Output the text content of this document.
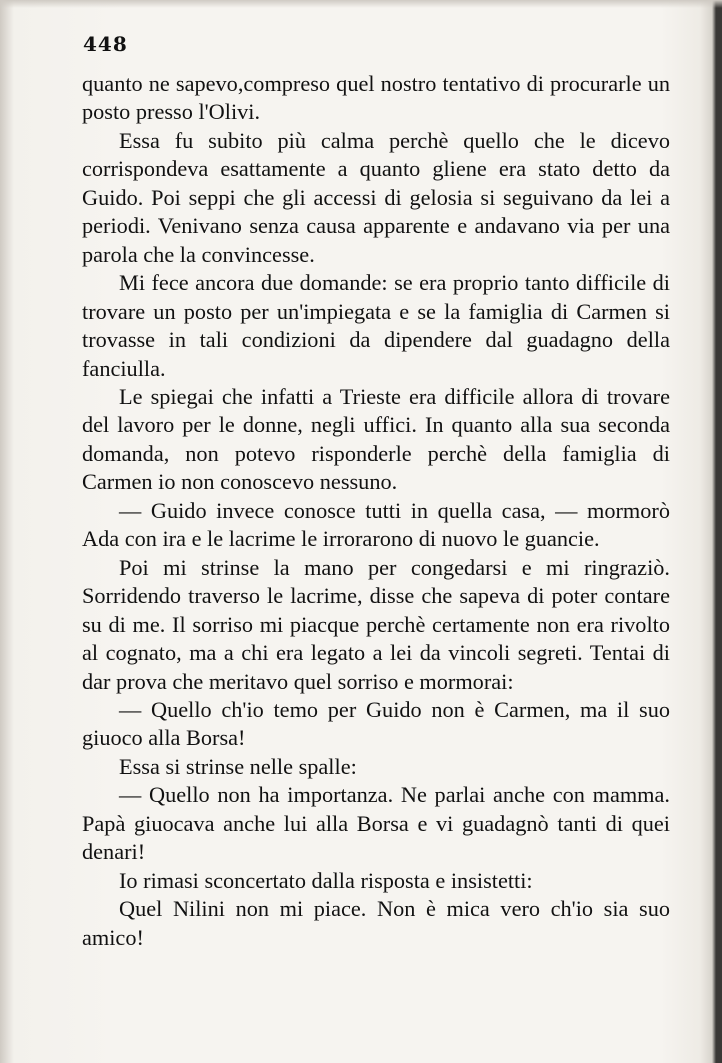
448

quanto ne sapevo,compreso quel nostro tentativo di procurarle un posto presso l'Olivi.

Essa fu subito più calma perchè quello che le dicevo corrispondeva esattamente a quanto gliene era stato detto da Guido. Poi seppi che gli accessi di gelosia si seguivano da lei a periodi. Venivano senza causa apparente e andavano via per una parola che la convincesse.

Mi fece ancora due domande: se era proprio tanto difficile di trovare un posto per un'impiegata e se la famiglia di Carmen si trovasse in tali condizioni da dipendere dal guadagno della fanciulla.

Le spiegai che infatti a Trieste era difficile allora di trovare del lavoro per le donne, negli uffici. In quanto alla sua seconda domanda, non potevo risponderle perchè della famiglia di Carmen io non conoscevo nessuno.

— Guido invece conosce tutti in quella casa, — mormorò Ada con ira e le lacrime le irrorarono di nuovo le guancie.

Poi mi strinse la mano per congedarsi e mi ringraziò. Sorridendo traverso le lacrime, disse che sapeva di poter contare su di me. Il sorriso mi piacque perchè certamente non era rivolto al cognato, ma a chi era legato a lei da vincoli segreti. Tentai di dar prova che meritavo quel sorriso e mormorai:

— Quello ch'io temo per Guido non è Carmen, ma il suo giuoco alla Borsa!

Essa si strinse nelle spalle:

— Quello non ha importanza. Ne parlai anche con mamma. Papà giuocava anche lui alla Borsa e vi guadagnò tanti di quei denari!

Io rimasi sconcertato dalla risposta e insistetti:

Quel Nilini non mi piace. Non è mica vero ch'io sia suo amico!
